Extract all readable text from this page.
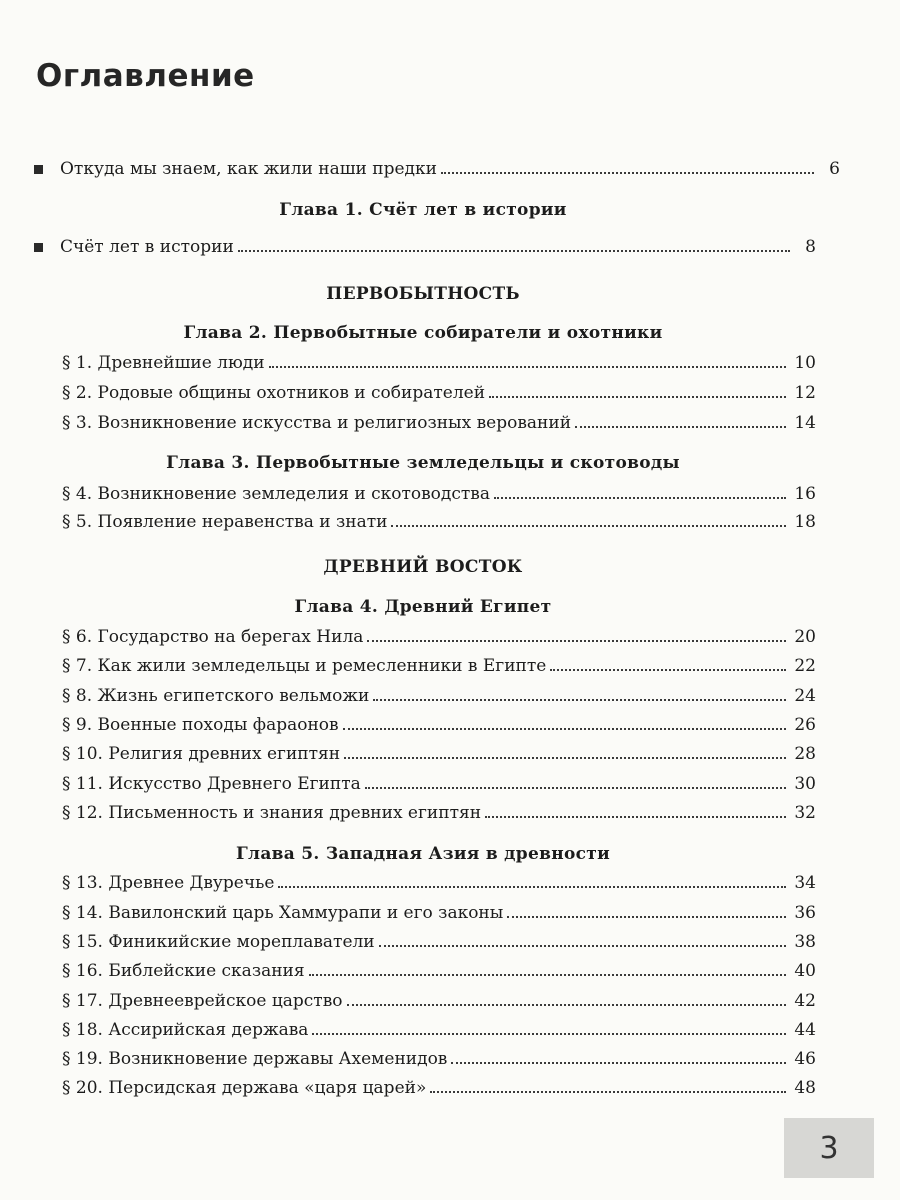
Оглавление
Откуда мы знаем, как жили наши предки	6
Глава 1. Счёт лет в истории
Счёт лет в истории	8
ПЕРВОБЫТНОСТЬ
Глава 2. Первобытные собиратели и охотники
§ 1. Древнейшие люди	10
§ 2. Родовые общины охотников и собирателей	12
§ 3. Возникновение искусства и религиозных верований	14
Глава 3. Первобытные земледельцы и скотоводы
§ 4. Возникновение земледелия и скотоводства	16
§ 5. Появление неравенства и знати	18
ДРЕВНИЙ ВОСТОК
Глава 4. Древний Египет
§ 6. Государство на берегах Нила	20
§ 7. Как жили земледельцы и ремесленники в Египте	22
§ 8. Жизнь египетского вельможи	24
§ 9. Военные походы фараонов	26
§ 10. Религия древних египтян	28
§ 11. Искусство Древнего Египта	30
§ 12. Письменность и знания древних египтян	32
Глава 5. Западная Азия в древности
§ 13. Древнее Двуречье	34
§ 14. Вавилонский царь Хаммурапи и его законы	36
§ 15. Финикийские мореплаватели	38
§ 16. Библейские сказания	40
§ 17. Древнееврейское царство	42
§ 18. Ассирийская держава	44
§ 19. Возникновение державы Ахеменидов	46
§ 20. Персидская держава «царя царей»	48
3
